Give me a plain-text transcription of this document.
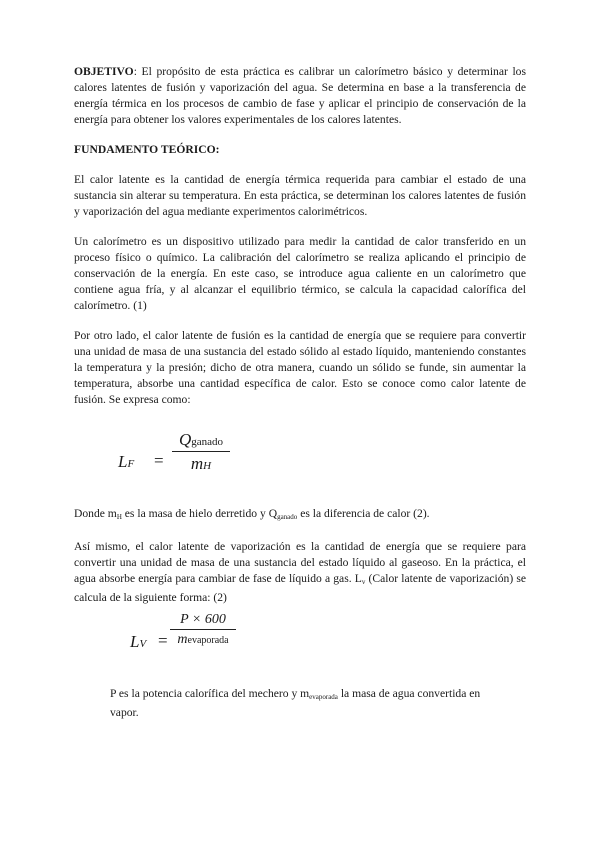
OBJETIVO: El propósito de esta práctica es calibrar un calorímetro básico y determinar los calores latentes de fusión y vaporización del agua. Se determina en base a la transferencia de energía térmica en los procesos de cambio de fase y aplicar el principio de conservación de la energía para obtener los valores experimentales de los calores latentes.

FUNDAMENTO TEÓRICO:

El calor latente es la cantidad de energía térmica requerida para cambiar el estado de una sustancia sin alterar su temperatura. En esta práctica, se determinan los calores latentes de fusión y vaporización del agua mediante experimentos calorimétricos.

Un calorímetro es un dispositivo utilizado para medir la cantidad de calor transferido en un proceso físico o químico. La calibración del calorímetro se realiza aplicando el principio de conservación de la energía. En este caso, se introduce agua caliente en un calorímetro que contiene agua fría, y al alcanzar el equilibrio térmico, se calcula la capacidad calorífica del calorímetro. (1)

Por otro lado, el calor latente de fusión es la cantidad de energía que se requiere para convertir una unidad de masa de una sustancia del estado sólido al estado líquido, manteniendo constantes la temperatura y la presión; dicho de otra manera, cuando un sólido se funde, sin aumentar la temperatura, absorbe una cantidad específica de calor. Esto se conoce como calor latente de fusión. Se expresa como:

LF =
Qganado
mH

Donde mH es la masa de hielo derretido y Qganado es la diferencia de calor (2).

Así mismo, el calor latente de vaporización es la cantidad de energía que se requiere para convertir una unidad de masa de una sustancia del estado líquido al gaseoso. En la práctica, el agua absorbe energía para cambiar de fase de líquido a gas. Lv (Calor latente de vaporización) se calcula de la siguiente forma: (2)

LV =
P × 600
mevaporada

P es la potencia calorífica del mechero y mevaporada la masa de agua convertida en vapor.
